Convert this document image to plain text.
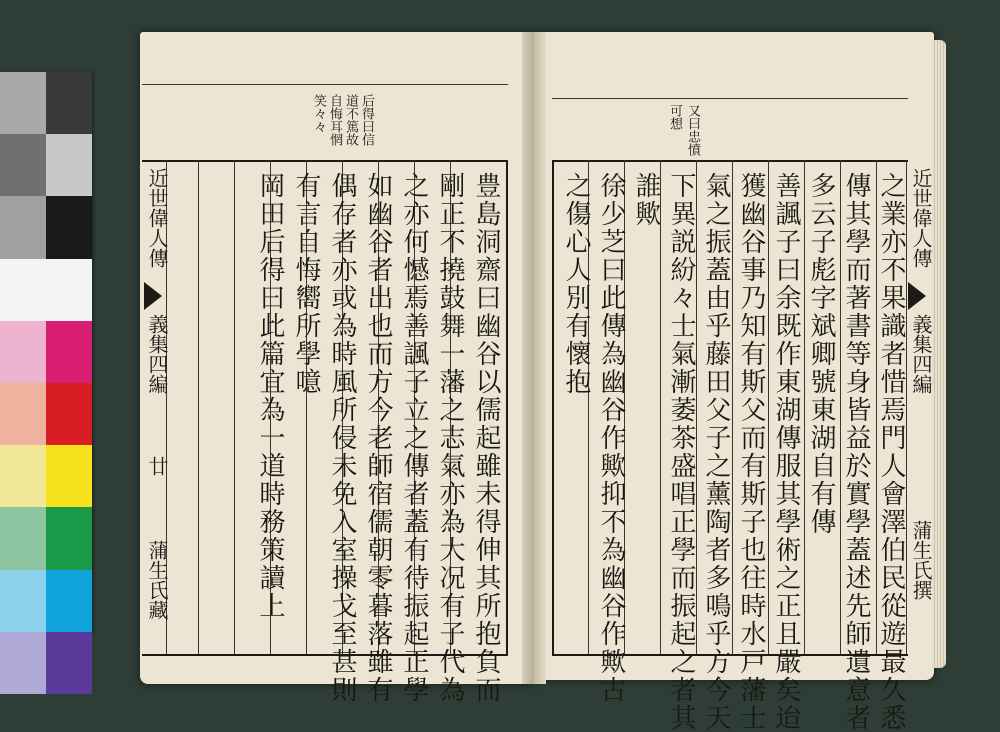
近世偉人傳
義集四編
廿
蒲生氏藏
后得曰信
道不篤故
自悔耳惘
笑々々
豊島洞齋曰幽谷以儒起雖未得伸其所抱負而
剛正不撓鼓舞一藩之志氣亦為大况有子代為
之亦何憾焉善諷子立之傳者蓋有待振起正學
如幽谷者出也而方今老師宿儒朝零暮落雖有
偶存者亦或為時風所侵未免入室操戈至甚則
有言自悔嚮所學噫
岡田后得曰此篇宜為一道時務策讀上	近世偉人傳
義集四編
蒲生氏撰
又曰忠憤
可想
之業亦不果識者惜焉門人會澤伯民從遊最久悉
傳其學而著書等身皆益於實學蓋述先師遺意者
多云子彪字斌卿號東湖自有傳
善諷子曰余既作東湖傳服其學術之正且嚴矣迨
獲幽谷事乃知有斯父而有斯子也往時水戸藩士
氣之振蓋由乎藤田父子之薰陶者多鳴乎方今天
下異説紛々士氣漸萎茶盛唱正學而振起之者其
誰歟
徐少芝曰此傳為幽谷作歟抑不為幽谷作歟古
之傷心人別有懷抱
